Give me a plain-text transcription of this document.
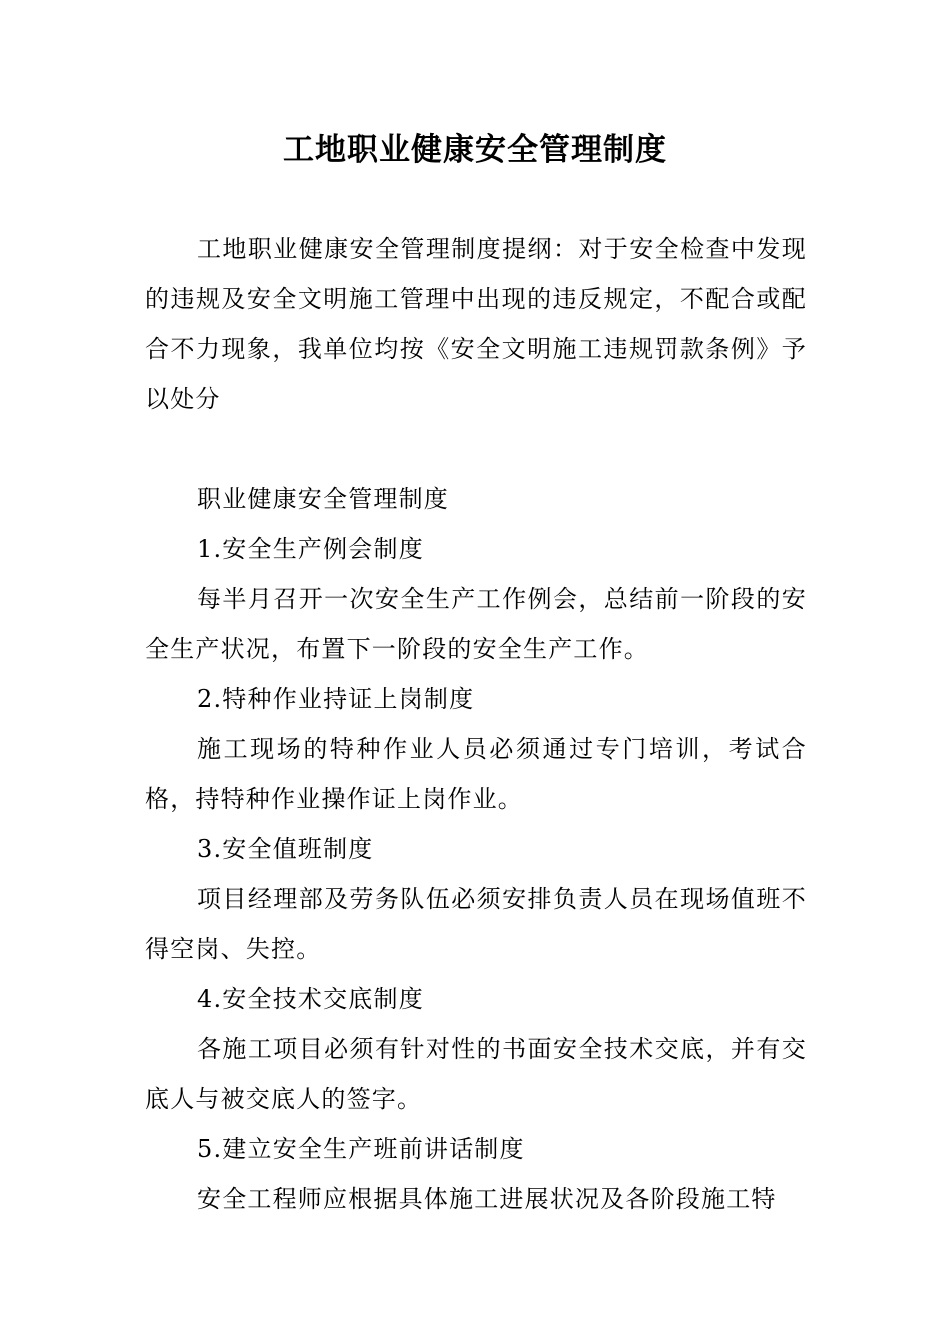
工地职业健康安全管理制度

工地职业健康安全管理制度提纲：对于安全检查中发现的违规及安全文明施工管理中出现的违反规定，不配合或配合不力现象，我单位均按《安全文明施工违规罚款条例》予以处分

职业健康安全管理制度

1.安全生产例会制度

每半月召开一次安全生产工作例会，总结前一阶段的安全生产状况，布置下一阶段的安全生产工作。

2.特种作业持证上岗制度

施工现场的特种作业人员必须通过专门培训，考试合格，持特种作业操作证上岗作业。

3.安全值班制度

项目经理部及劳务队伍必须安排负责人员在现场值班不得空岗、失控。

4.安全技术交底制度

各施工项目必须有针对性的书面安全技术交底，并有交底人与被交底人的签字。

5.建立安全生产班前讲话制度

安全工程师应根据具体施工进展状况及各阶段施工特
